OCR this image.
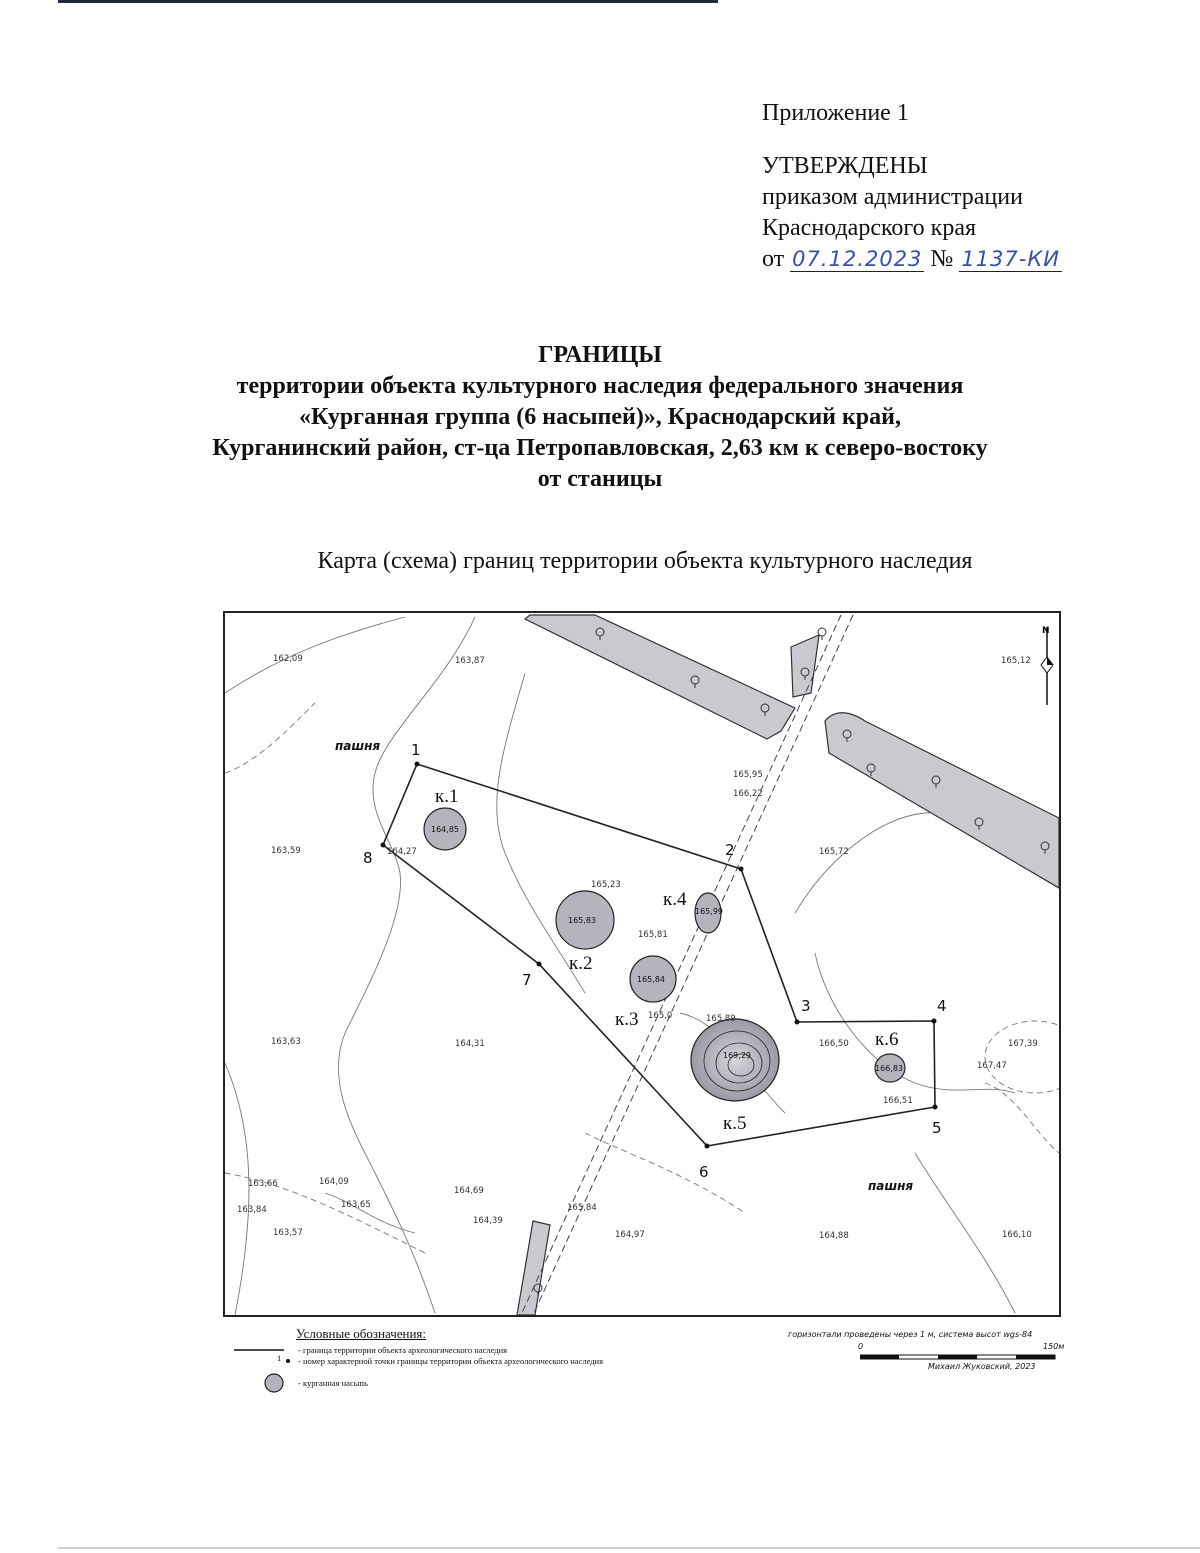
Приложение 1
УТВЕРЖДЕНЫ
приказом администрации
Краснодарского края
от 07.12.2023 № 1137-КИ
ГРАНИЦЫ
территории объекта культурного наследия федерального значения
«Курганная группа (6 насыпей)», Краснодарский край,
Курганинский район, ст-ца Петропавловская, 2,63 км к северо-востоку
от станицы
Карта (схема) границ территории объекта культурного наследия
1
2
3	4
5
6
7
8
164,85
165,83
165,84
165,99
169,29
166,83
к.1
к.2
к.3
к.4
к.5
к.6
пашня
пашня
162,09	163,87	165,12
165,95
166,22
163,59	164,27	165,72
165,23
165,81
163,63	164,31
165,89
166,50	167,39
167,47
166,51
165,0
163,66	164,09
163,84	163,65
164,69
164,39
163,57
165,84
164,97	164,88	166,10
N
Условные обозначения:
1
- граница территории объекта археологического наследия
- номер характерной точки границы территории объекта археологического наследия
- курганная насыпь
горизонтали проведены через 1 м, система высот wgs-84
0	150м
Михаил Жуковский, 2023
